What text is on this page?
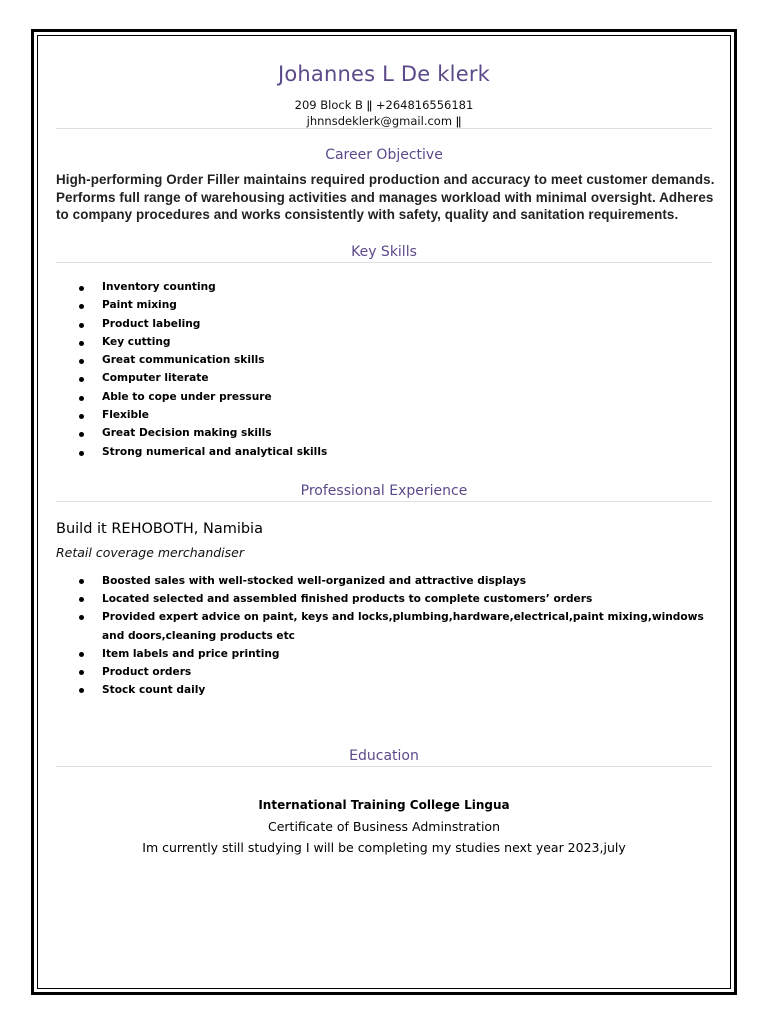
Johannes L De klerk
209 Block B ǁ +264816556181
jhnnsdeklerk@gmail.com ǁ
Career Objective
High-performing Order Filler maintains required production and accuracy to meet customer demands. Performs full range of warehousing activities and manages workload with minimal oversight. Adheres to company procedures and works consistently with safety, quality and sanitation requirements.
Key Skills
Inventory counting
Paint mixing
Product labeling
Key cutting
Great communication skills
Computer literate
Able to cope under pressure
Flexible
Great Decision making skills
Strong numerical and analytical skills
Professional Experience
Build it REHOBOTH, Namibia
Retail coverage merchandiser
Boosted sales with well-stocked well-organized and attractive displays
Located selected and assembled finished products to complete customers’ orders
Provided expert advice on paint, keys and locks,plumbing,hardware,electrical,paint mixing,windows and doors,cleaning products etc
Item labels and price printing
Product orders
Stock count daily
Education
International Training College Lingua
Certificate of Business Adminstration
Im currently still studying I will be completing my studies next year 2023,july
